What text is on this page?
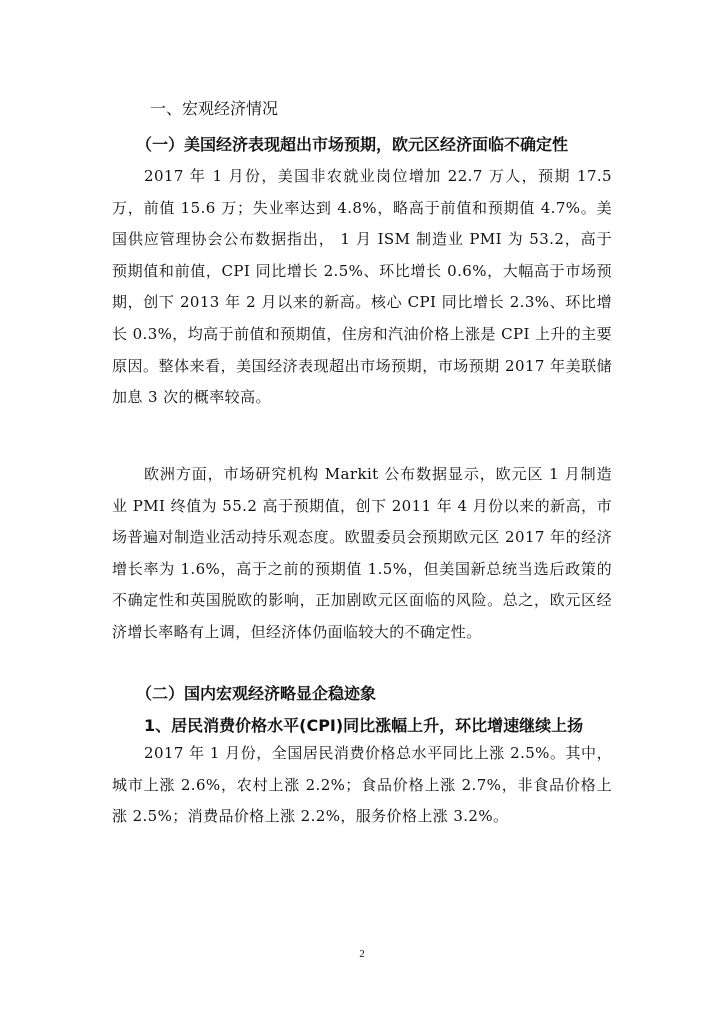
一、宏观经济情况
（一）美国经济表现超出市场预期，欧元区经济面临不确定性

2017 年 1 月份，美国非农就业岗位增加 22.7 万人，预期 17.5 万，前值 15.6 万；失业率达到 4.8%，略高于前值和预期值 4.7%。美国供应管理协会公布数据指出， 1 月 ISM 制造业 PMI 为 53.2，高于预期值和前值，CPI 同比增长 2.5%、环比增长 0.6%，大幅高于市场预期，创下 2013 年 2 月以来的新高。核心 CPI 同比增长 2.3%、环比增长 0.3%，均高于前值和预期值，住房和汽油价格上涨是 CPI 上升的主要原因。整体来看，美国经济表现超出市场预期，市场预期 2017 年美联储加息 3 次的概率较高。

欧洲方面，市场研究机构 Markit 公布数据显示，欧元区 1 月制造业 PMI 终值为 55.2 高于预期值，创下 2011 年 4 月份以来的新高，市场普遍对制造业活动持乐观态度。欧盟委员会预期欧元区 2017 年的经济增长率为 1.6%，高于之前的预期值 1.5%，但美国新总统当选后政策的不确定性和英国脱欧的影响，正加剧欧元区面临的风险。总之，欧元区经济增长率略有上调，但经济体仍面临较大的不确定性。

（二）国内宏观经济略显企稳迹象
1、居民消费价格水平(CPI)同比涨幅上升，环比增速继续上扬

2017 年 1 月份，全国居民消费价格总水平同比上涨 2.5%。其中，城市上涨 2.6%，农村上涨 2.2%；食品价格上涨 2.7%，非食品价格上涨 2.5%；消费品价格上涨 2.2%，服务价格上涨 3.2%。

2
